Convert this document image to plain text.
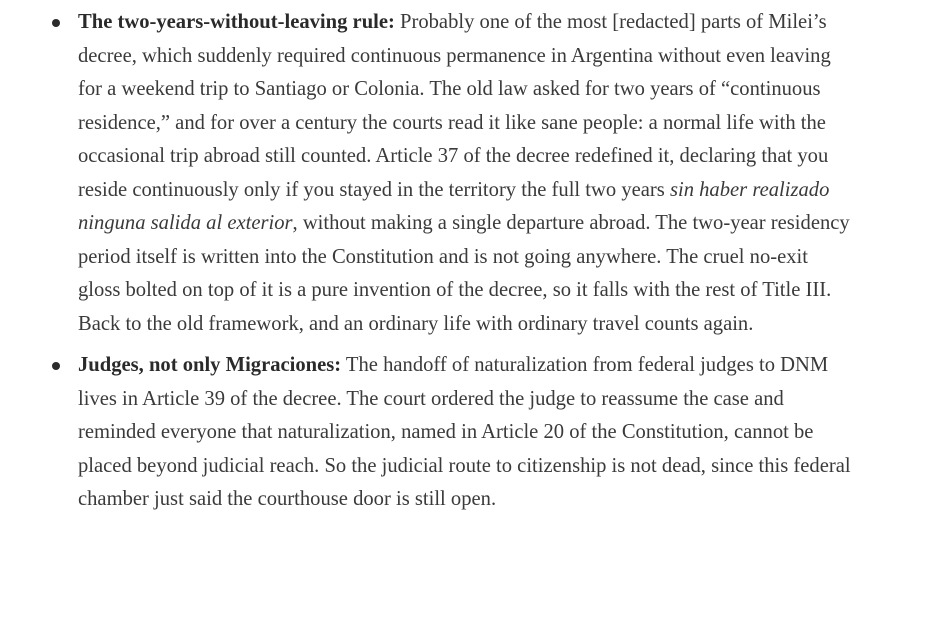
The two-years-without-leaving rule: Probably one of the most [redacted] parts of Milei’s decree, which suddenly required continuous permanence in Argentina without even leaving for a weekend trip to Santiago or Colonia. The old law asked for two years of “continuous residence,” and for over a century the courts read it like sane people: a normal life with the occasional trip abroad still counted. Article 37 of the decree redefined it, declaring that you reside continuously only if you stayed in the territory the full two years sin haber realizado ninguna salida al exterior, without making a single departure abroad. The two-year residency period itself is written into the Constitution and is not going anywhere. The cruel no-exit gloss bolted on top of it is a pure invention of the decree, so it falls with the rest of Title III. Back to the old framework, and an ordinary life with ordinary travel counts again.
Judges, not only Migraciones: The handoff of naturalization from federal judges to DNM lives in Article 39 of the decree. The court ordered the judge to reassume the case and reminded everyone that naturalization, named in Article 20 of the Constitution, cannot be placed beyond judicial reach. So the judicial route to citizenship is not dead, since this federal chamber just said the courthouse door is still open.
